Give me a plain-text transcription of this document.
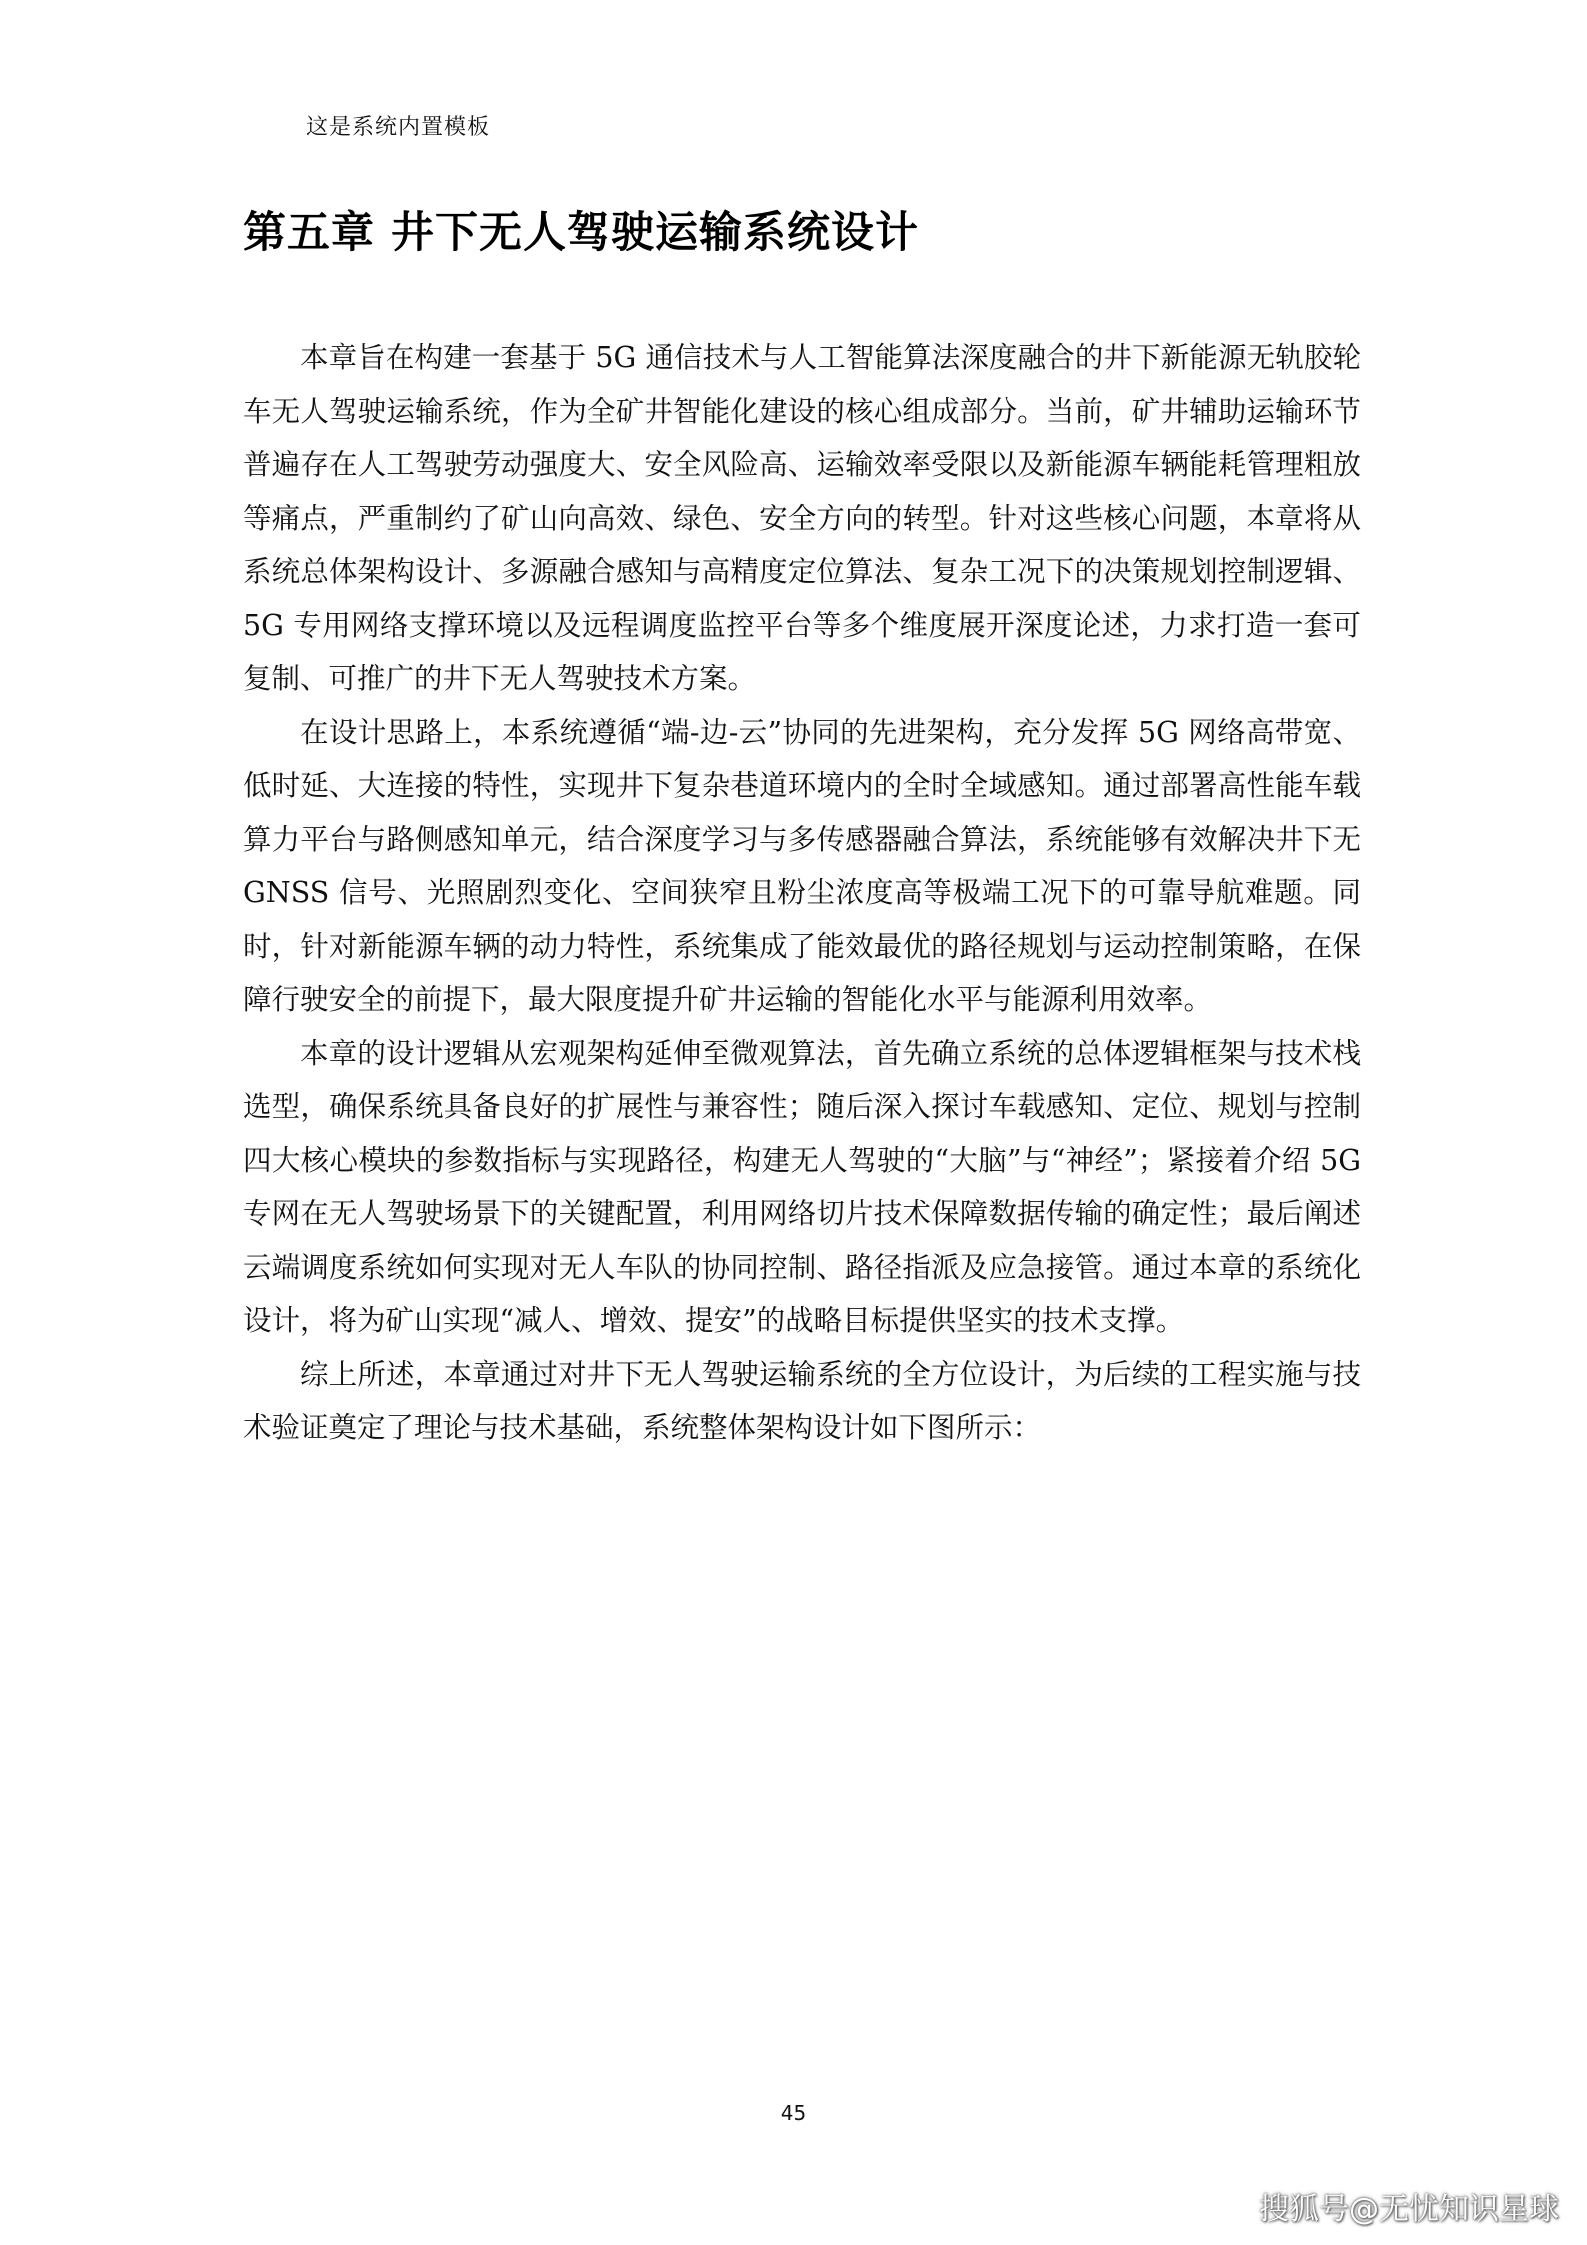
这是系统内置模板
第五章 井下无人驾驶运输系统设计

本章旨在构建一套基于 5G 通信技术与人工智能算法深度融合的井下新能源无轨胶轮车无人驾驶运输系统，作为全矿井智能化建设的核心组成部分。当前，矿井辅助运输环节普遍存在人工驾驶劳动强度大、安全风险高、运输效率受限以及新能源车辆能耗管理粗放等痛点，严重制约了矿山向高效、绿色、安全方向的转型。针对这些核心问题，本章将从系统总体架构设计、多源融合感知与高精度定位算法、复杂工况下的决策规划控制逻辑、5G 专用网络支撑环境以及远程调度监控平台等多个维度展开深度论述，力求打造一套可复制、可推广的井下无人驾驶技术方案。

在设计思路上，本系统遵循“端-边-云”协同的先进架构，充分发挥 5G 网络高带宽、低时延、大连接的特性，实现井下复杂巷道环境内的全时全域感知。通过部署高性能车载算力平台与路侧感知单元，结合深度学习与多传感器融合算法，系统能够有效解决井下无 GNSS 信号、光照剧烈变化、空间狭窄且粉尘浓度高等极端工况下的可靠导航难题。同时，针对新能源车辆的动力特性，系统集成了能效最优的路径规划与运动控制策略，在保障行驶安全的前提下，最大限度提升矿井运输的智能化水平与能源利用效率。

本章的设计逻辑从宏观架构延伸至微观算法，首先确立系统的总体逻辑框架与技术栈选型，确保系统具备良好的扩展性与兼容性；随后深入探讨车载感知、定位、规划与控制四大核心模块的参数指标与实现路径，构建无人驾驶的“大脑”与“神经”；紧接着介绍 5G 专网在无人驾驶场景下的关键配置，利用网络切片技术保障数据传输的确定性；最后阐述云端调度系统如何实现对无人车队的协同控制、路径指派及应急接管。通过本章的系统化设计，将为矿山实现“减人、增效、提安”的战略目标提供坚实的技术支撑。

综上所述，本章通过对井下无人驾驶运输系统的全方位设计，为后续的工程实施与技术验证奠定了理论与技术基础，系统整体架构设计如下图所示：

45
搜狐号@无忧知识星球
